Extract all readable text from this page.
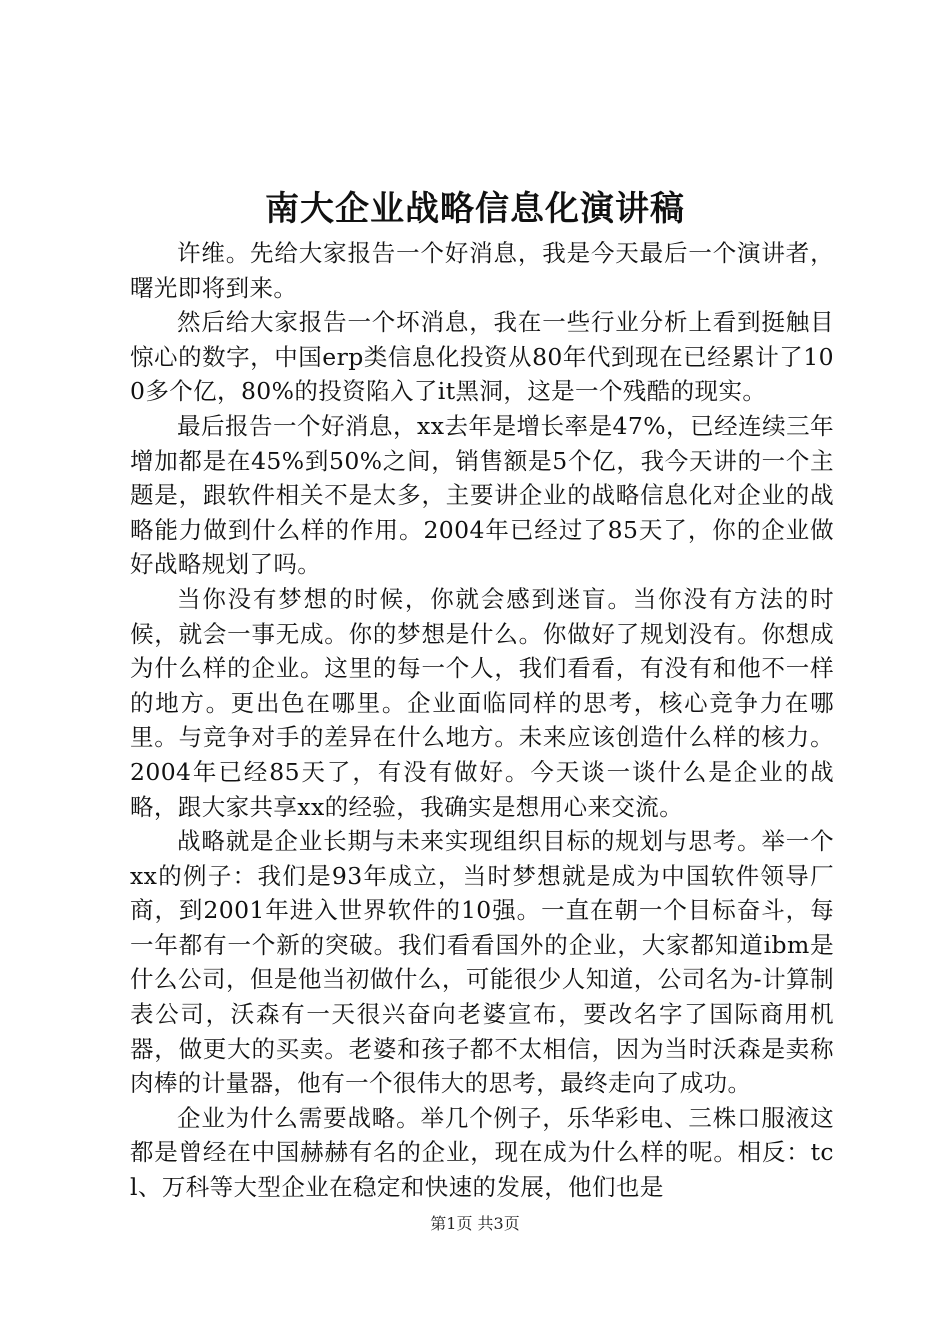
南大企业战略信息化演讲稿

许维。先给大家报告一个好消息，我是今天最后一个演讲者，曙光即将到来。

然后给大家报告一个坏消息，我在一些行业分析上看到挺触目惊心的数字，中国erp类信息化投资从80年代到现在已经累计了100多个亿，80%的投资陷入了it黑洞，这是一个残酷的现实。

最后报告一个好消息，xx去年是增长率是47%，已经连续三年增加都是在45%到50%之间，销售额是5个亿，我今天讲的一个主题是，跟软件相关不是太多，主要讲企业的战略信息化对企业的战略能力做到什么样的作用。2004年已经过了85天了，你的企业做好战略规划了吗。

当你没有梦想的时候，你就会感到迷盲。当你没有方法的时候，就会一事无成。你的梦想是什么。你做好了规划没有。你想成为什么样的企业。这里的每一个人，我们看看，有没有和他不一样的地方。更出色在哪里。企业面临同样的思考，核心竞争力在哪里。与竞争对手的差异在什么地方。未来应该创造什么样的核力。2004年已经85天了，有没有做好。今天谈一谈什么是企业的战略，跟大家共享xx的经验，我确实是想用心来交流。

战略就是企业长期与未来实现组织目标的规划与思考。举一个xx的例子：我们是93年成立，当时梦想就是成为中国软件领导厂商，到2001年进入世界软件的10强。一直在朝一个目标奋斗，每一年都有一个新的突破。我们看看国外的企业，大家都知道ibm是什么公司，但是他当初做什么，可能很少人知道，公司名为-计算制表公司，沃森有一天很兴奋向老婆宣布，要改名字了国际商用机器，做更大的买卖。老婆和孩子都不太相信，因为当时沃森是卖称肉棒的计量器，他有一个很伟大的思考，最终走向了成功。

企业为什么需要战略。举几个例子，乐华彩电、三株口服液这都是曾经在中国赫赫有名的企业，现在成为什么样的呢。相反：tcl、万科等大型企业在稳定和快速的发展，他们也是

第1页 共3页
